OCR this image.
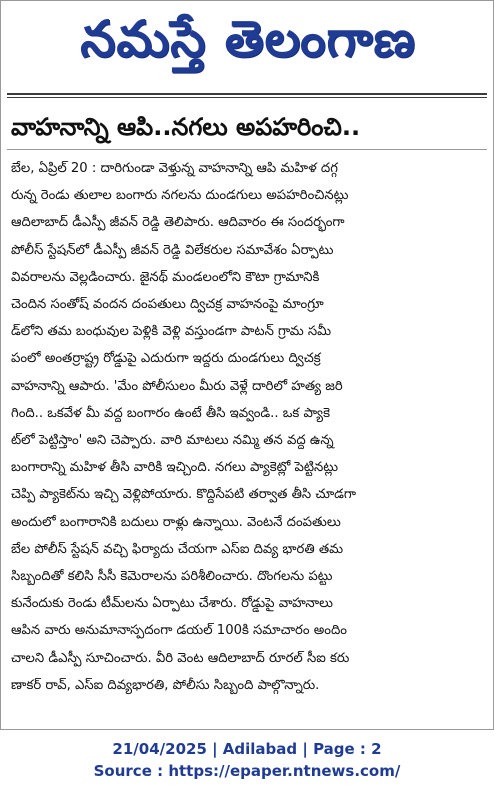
నమస్తే తెలంగాణ
వాహనాన్ని ఆపి..నగలు అపహరించి..
బేల, ఏప్రిల్ 20 : దారిగుండా వెళ్తున్న వాహనాన్ని ఆపి మహిళ దగ్గ
రున్న రెండు తులాల బంగారు నగలను దుండగులు అపహరించినట్లు
ఆదిలాబాద్ డీఎస్పీ జీవన్ రెడ్డి తెలిపారు. ఆదివారం ఈ సందర్భంగా
పోలీస్ స్టేషన్‌లో డీఎస్పీ జీవన్ రెడ్డి విలేకరుల సమావేశం ఏర్పాటు
వివరాలను వెల్లడించారు. జైనథ్ మండలంలోని కౌటా గ్రామానికి
చెందిన సంతోష్ వందన దంపతులు ద్విచక్ర వాహనంపై మాంగ్రూ
డ్‌లోని తమ బంధువుల పెళ్లికి వెళ్లి వస్తుండగా పాటన్ గ్రామ సమీ
పంలో అంతర్రాష్ట్ర రోడ్డుపై ఎదురుగా ఇద్దరు దుండగులు ద్విచక్ర
వాహనాన్ని ఆపారు. 'మేం పోలీసులం మీరు వెళ్లే దారిలో హత్య జరి
గింది.. ఒకవేళ మీ వద్ద బంగారం ఉంటే తీసి ఇవ్వండి.. ఒక ప్యాకె
ట్‌లో పెట్టిస్తాం' అని చెప్పారు. వారి మాటలు నమ్మి తన వద్ద ఉన్న
బంగారాన్ని మహిళ తీసి వారికి ఇచ్చింది. నగలు ప్యాకెట్లో పెట్టినట్లు
చెప్పి ప్యాకెట్‌ను ఇచ్చి వెళ్లిపోయారు. కొద్దిసేపటి తర్వాత తీసి చూడగా
అందులో బంగారానికి బదులు రాళ్లు ఉన్నాయి. వెంటనే దంపతులు
బేల పోలీస్ స్టేషన్ వచ్చి ఫిర్యాదు చేయగా ఎస్ఐ దివ్య భారతి తమ
సిబ్బందితో కలిసి సీసీ కెమెరాలను పరిశీలించారు. దొంగలను పట్టు
కునేందుకు రెండు టీమ్‌లను ఏర్పాటు చేశారు. రోడ్డుపై వాహనాలు
ఆపిన వారు అనుమానాస్పదంగా డయల్ 100కి సమాచారం అందిం
చాలని డీఎస్పీ సూచించారు. వీరి వెంట ఆదిలాబాద్ రూరల్ సీఐ కరు
ణాకర్ రావ్, ఎస్ఐ దివ్యభారతి, పోలీసు సిబ్బంది పాల్గొన్నారు.
21/04/2025 | Adilabad | Page : 2
Source : https://epaper.ntnews.com/
